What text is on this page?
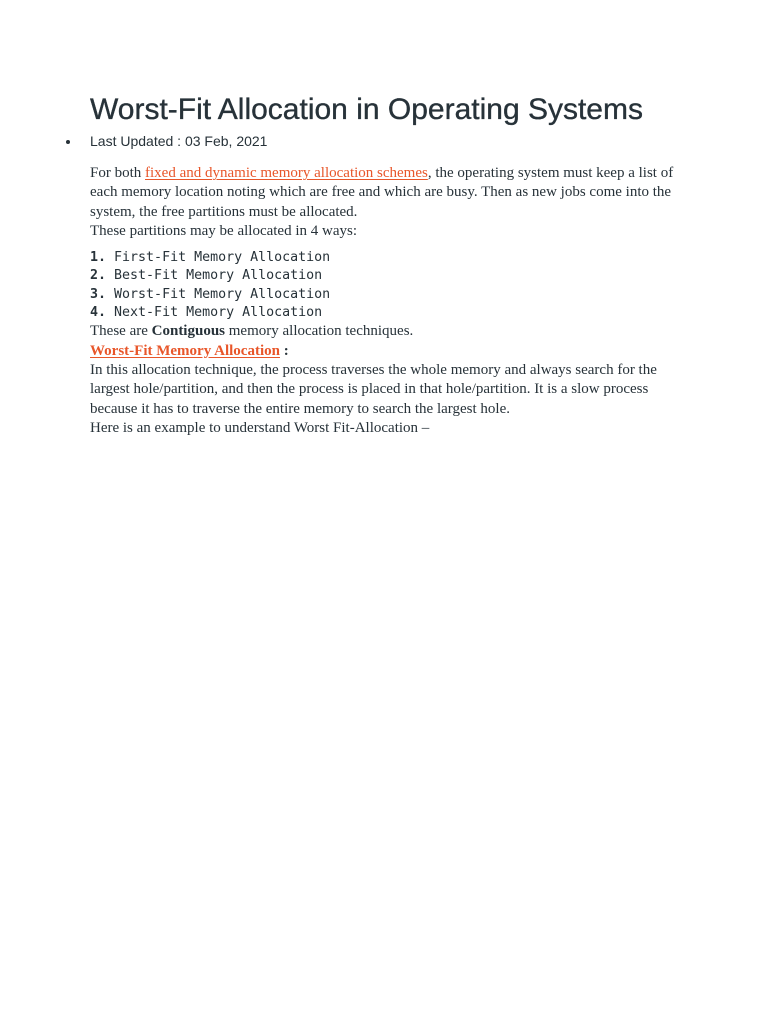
Worst-Fit Allocation in Operating Systems
Last Updated : 03 Feb, 2021
For both fixed and dynamic memory allocation schemes, the operating system must keep a list of each memory location noting which are free and which are busy. Then as new jobs come into the system, the free partitions must be allocated.
These partitions may be allocated in 4 ways:
1. First-Fit Memory Allocation
2. Best-Fit Memory Allocation
3. Worst-Fit Memory Allocation
4. Next-Fit Memory Allocation
These are Contiguous memory allocation techniques.
Worst-Fit Memory Allocation :
In this allocation technique, the process traverses the whole memory and always search for the largest hole/partition, and then the process is placed in that hole/partition. It is a slow process because it has to traverse the entire memory to search the largest hole.
Here is an example to understand Worst Fit-Allocation –
